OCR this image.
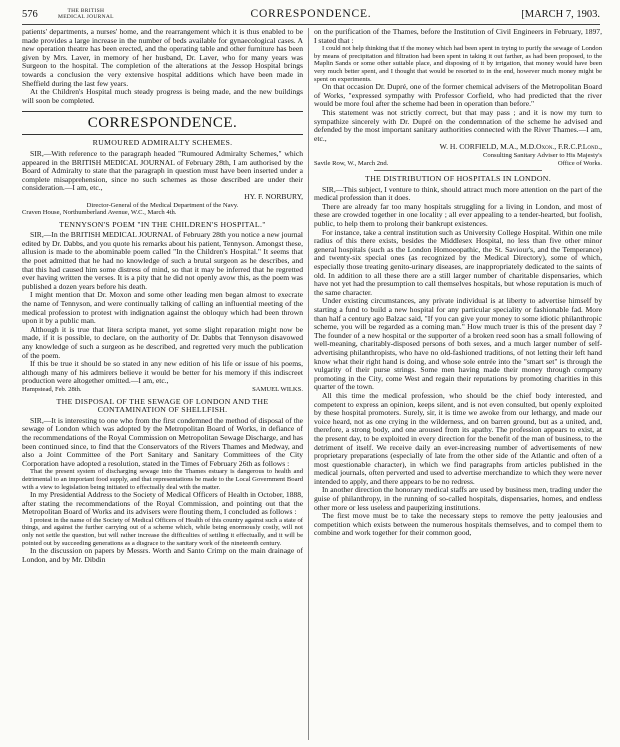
576	THE BRITISH
MEDICAL JOURNAL	CORRESPONDENCE.	[MARCH 7, 1903.

patients' departments, a nurses' home, and the rearrangement which it is thus enabled to be made provides a large increase in the number of beds available for gynaecological cases. A new operation theatre has been erected, and the operating table and other furniture has been given by Mrs. Laver, in memory of her husband, Dr. Laver, who for many years was Surgeon to the hospital. The completion of the alterations at the Jessop Hospital brings towards a conclusion the very extensive hospital additions which have been made in Sheffield during the last few years.

At the Children's Hospital much steady progress is being made, and the new buildings will soon be completed.

CORRESPONDENCE.
RUMOURED ADMIRALTY SCHEMES.

SIR,—With reference to the paragraph headed "Rumoured Admiralty Schemes," which appeared in the BRITISH MEDICAL JOURNAL of February 28th, I am authorised by the Board of Admiralty to state that the paragraph in question must have been inserted under a complete misapprehension, since no such schemes as those described are under their consideration.—I am, etc.,

HY. F. NORBURY,

Director-General of the Medical Department of the Navy.

Craven House, Northumberland Avenue, W.C., March 4th.

TENNYSON'S POEM "IN THE CHILDREN'S HOSPITAL."

SIR,—In the BRITISH MEDICAL JOURNAL of February 28th you notice a new journal edited by Dr. Dabbs, and you quote his remarks about his patient, Tennyson. Amongst these, allusion is made to the abominable poem called "In the Children's Hospital." It seems that the poet admitted that he had no knowledge of such a brutal surgeon as he describes, and that this had caused him some distress of mind, so that it may be inferred that he regretted ever having written the verses. It is a pity that he did not openly avow this, as the poem was published a dozen years before his death.

I might mention that Dr. Moxon and some other leading men began almost to execrate the name of Tennyson, and were continually talking of calling an influential meeting of the medical profession to protest with indignation against the obloquy which had been thrown upon it by a public man.

Although it is true that litera scripta manet, yet some slight reparation might now be made, if it is possible, to declare, on the authority of Dr. Dabbs that Tennyson disavowed any knowledge of such a surgeon as he described, and regretted very much the publication of the poem.

If this be true it should be so stated in any new edition of his life or issue of his poems, although many of his admirers believe it would be better for his memory if this indiscreet production were altogether omitted.—I am, etc.,

Hampstead, Feb. 28th.	SAMUEL WILKS.
THE DISPOSAL OF THE SEWAGE OF LONDON AND THE CONTAMINATION OF SHELLFISH.

SIR,—It is interesting to one who from the first condemned the method of disposal of the sewage of London which was adopted by the Metropolitan Board of Works, in defiance of the recommendations of the Royal Commission on Metropolitan Sewage Discharge, and has been continued since, to find that the Conservators of the Rivers Thames and Medway, and also a Joint Committee of the Port Sanitary and Sanitary Committees of the City Corporation have adopted a resolution, stated in the Times of February 26th as follows :

That the present system of discharging sewage into the Thames estuary is dangerous to health and detrimental to an important food supply, and that representations be made to the Local Government Board with a view to legislation being initiated to effectually deal with the matter.

In my Presidential Address to the Society of Medical Officers of Health in October, 1888, after stating the recommendations of the Royal Commission, and pointing out that the Metropolitan Board of Works and its advisers were flouting them, I concluded as follows :

I protest in the name of the Society of Medical Officers of Health of this country against such a state of things, and against the further carrying out of a scheme which, while being enormously costly, will not only not settle the question, but will rather increase the difficulties of settling it effectually, and it will be pointed out by succeeding generations as a disgrace to the sanitary work of the nineteenth century.

In the discussion on papers by Messrs. Worth and Santo Crimp on the main drainage of London, and by Mr. Dibdin

on the purification of the Thames, before the Institution of Civil Engineers in February, 1897, I stated that :

I could not help thinking that if the money which had been spent in trying to purify the sewage of London by means of precipitation and filtration had been spent in taking it out farther, as had been proposed, to the Maplin Sands or some other suitable place, and disposing of it by irrigation, that money would have been very much better spent, and I thought that would be resorted to in the end, however much money might be spent on experiments.

On that occasion Dr. Dupré, one of the former chemical advisers of the Metropolitan Board of Works, "expressed sympathy with Professor Corfield, who had predicted that the river would be more foul after the scheme had been in operation than before."

This statement was not strictly correct, but that may pass ; and it is now my turn to sympathize sincerely with Dr. Dupré on the condemnation of the scheme he advised and defended by the most important sanitary authorities connected with the River Thames.—I am, etc.,

W. H. CORFIELD, M.A., M.D.Oxon., F.R.C.P.Lond.,

Consulting Sanitary Adviser to His Majesty's

Savile Row, W., March 2nd.	Office of Works.
THE DISTRIBUTION OF HOSPITALS IN LONDON.

SIR,—This subject, I venture to think, should attract much more attention on the part of the medical profession than it does.

There are already far too many hospitals struggling for a living in London, and most of these are crowded together in one locality ; all ever appealing to a tender-hearted, but foolish, public, to help them to prolong their bankrupt existences.

For instance, take a central institution such as University College Hospital. Within one mile radius of this there exists, besides the Middlesex Hospital, no less than five other minor general hospitals (such as the London Homoeopathic, the St. Saviour's, and the Temperance) and twenty-six special ones (as recognized by the Medical Directory), some of which, especially those treating genito-urinary diseases, are inappropriately dedicated to the saints of old. In addition to all these there are a still larger number of charitable dispensaries, which have not yet had the presumption to call themselves hospitals, but whose reputation is much of the same character.

Under existing circumstances, any private individual is at liberty to advertise himself by starting a fund to build a new hospital for any particular speciality or fashionable fad. More than half a century ago Balzac said, "If you can give your money to some idiotic philanthropic scheme, you will be regarded as a coming man." How much truer is this of the present day ? The founder of a new hospital or the supporter of a broken reed soon has a small following of well-meaning, charitably-disposed persons of both sexes, and a much larger number of self-advertising philanthropists, who have no old-fashioned traditions, of not letting their left hand know what their right hand is doing, and whose sole entrée into the "smart set" is through the vulgarity of their purse strings. Some men having made their money through company promoting in the City, come West and regain their reputations by promoting charities in this quarter of the town.

All this time the medical profession, who should be the chief body interested, and competent to express an opinion, keeps silent, and is not even consulted, but openly exploited by these hospital promoters. Surely, sir, it is time we awoke from our lethargy, and made our voice heard, not as one crying in the wilderness, and on barren ground, but as a united, and, therefore, a strong body, and one aroused from its apathy. The profession appears to exist, at the present day, to be exploited in every direction for the benefit of the man of business, to the detriment of itself. We receive daily an ever-increasing number of advertisements of new proprietary preparations (especially of late from the other side of the Atlantic and often of a most questionable character), in which we find paragraphs from articles published in the medical journals, often perverted and used to advertise merchandize to which they were never intended to apply, and there appears to be no redress.

In another direction the honorary medical staffs are used by business men, trading under the guise of philanthropy, in the running of so-called hospitals, dispensaries, homes, and endless other more or less useless and pauperizing institutions.

The first move must be to take the necessary steps to remove the petty jealousies and competition which exists between the numerous hospitals themselves, and to compel them to combine and work together for their common good,
